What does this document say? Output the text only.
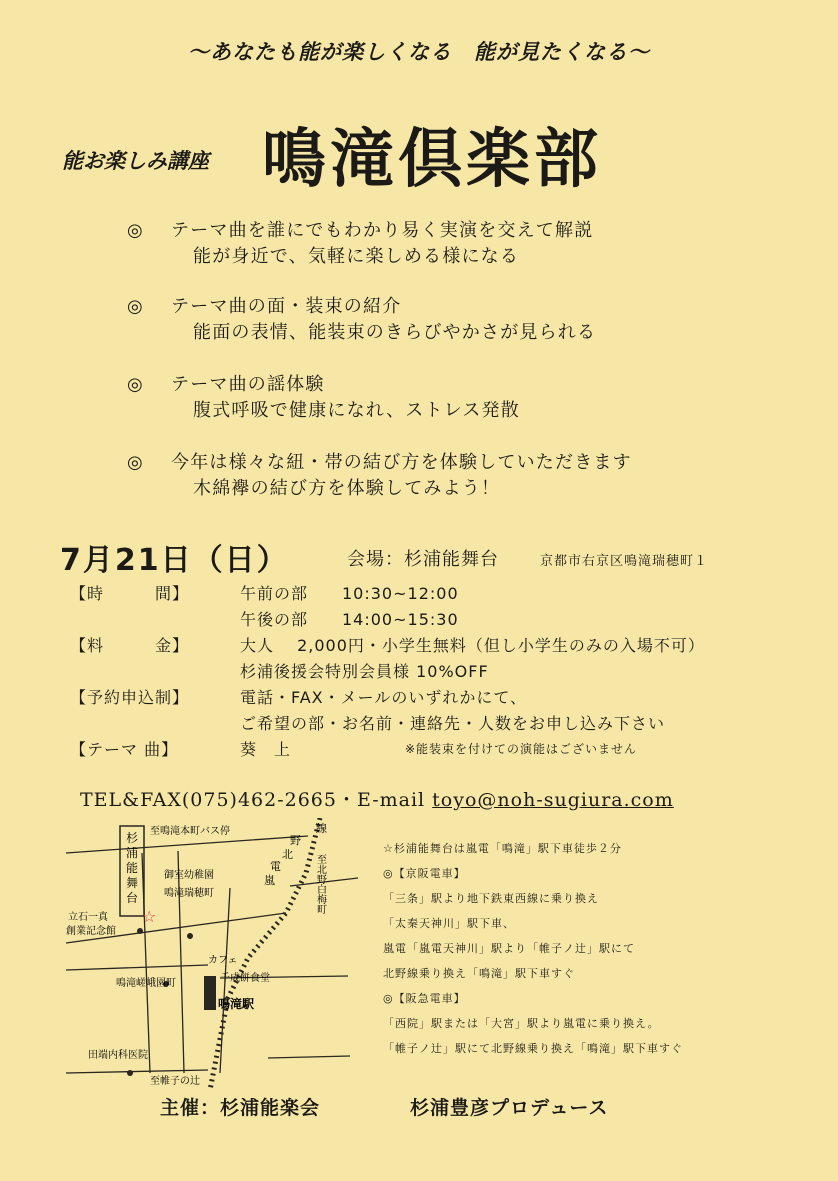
～あなたも能が楽しくなる　能が見たくなる～
能お楽しみ講座 鳴滝倶楽部
◎ テーマ曲を誰にでもわかり易く実演を交えて解説
能が身近で、気軽に楽しめる様になる
◎ テーマ曲の面・装束の紹介
能面の表情、能装束のきらびやかさが見られる
◎ テーマ曲の謡体験
腹式呼吸で健康になれ、ストレス発散
◎ 今年は様々な紐・帯の結び方を体験していただきます
木綿襷の結び方を体験してみよう！
7月21日（日）	会場：杉浦能舞台	京都市右京区鳴滝瑞穂町１
【時　　　間】	午前の部　　10:30~12:00
午後の部　　14:00~15:30
【料　　　金】	大人　 2,000円・小学生無料（但し小学生のみの入場不可）
杉浦後援会特別会員様 10%OFF
【予約申込制】	電話・FAX・メールのいずれかにて、
ご希望の部・お名前・連絡先・人数をお申し込み下さい
【テーマ 曲】	葵　上	※能装束を付けての演能はございません
TEL&FAX(075)462-2665・E-mail toyo@noh-sugiura.com
杉浦能舞台
至鳴滝本町バス停
御室幼稚園
鳴滝瑞穂町
立石一真
創業記念館
☆
カフェ
千成餅食堂
鳴滝駅
鳴滝嵯峨園町
田端内科医院
至帷子の辻
線
野
北
電
嵐	至北野白梅町
☆杉浦能舞台は嵐電「鳴滝」駅下車徒歩２分
◎【京阪電車】
「三条」駅より地下鉄東西線に乗り換え
「太秦天神川」駅下車、
嵐電「嵐電天神川」駅より「帷子ノ辻」駅にて
北野線乗り換え「鳴滝」駅下車すぐ
◎【阪急電車】
「西院」駅または「大宮」駅より嵐電に乗り換え。
「帷子ノ辻」駅にて北野線乗り換え「鳴滝」駅下車すぐ
主催：杉浦能楽会	杉浦豊彦プロデュース
